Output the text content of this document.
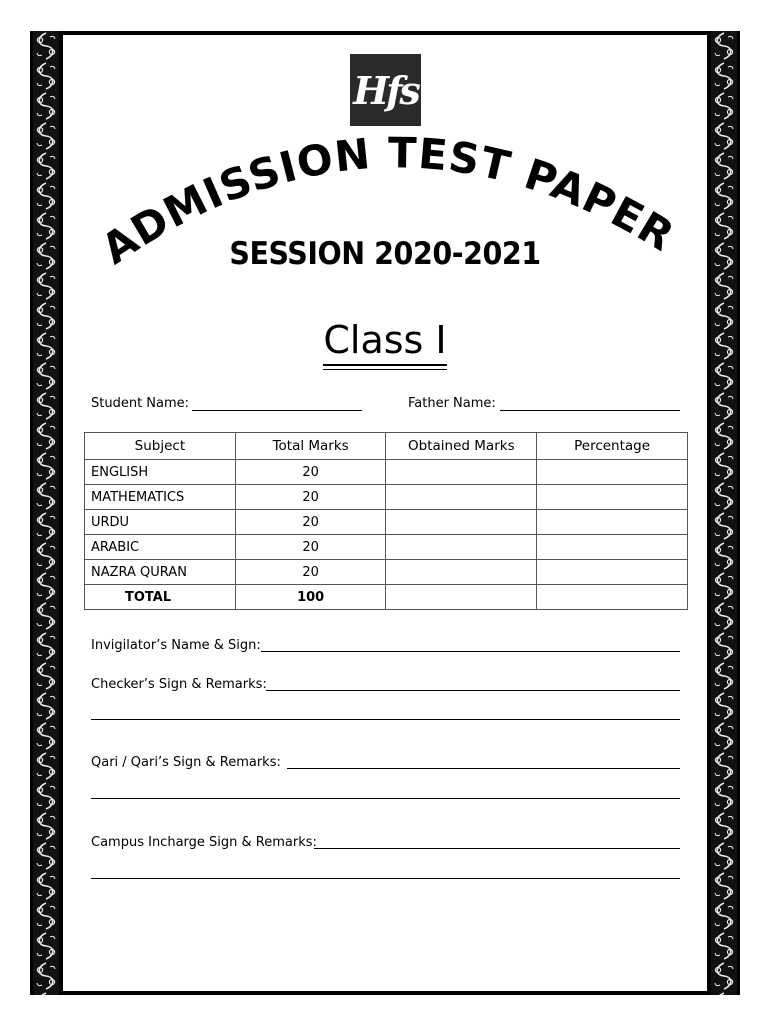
Hfs
ADMISSION TEST PAPER
SESSION 2020-2021
Class I
Student Name:	Father Name:
Subject	Total Marks	Obtained Marks	Percentage
ENGLISH	20		
MATHEMATICS	20		
URDU	20		
ARABIC	20		
NAZRA QURAN	20		
TOTAL	100		
Invigilator’s Name & Sign:
Checker’s Sign & Remarks:
Qari / Qari’s Sign & Remarks:
Campus Incharge Sign & Remarks:
